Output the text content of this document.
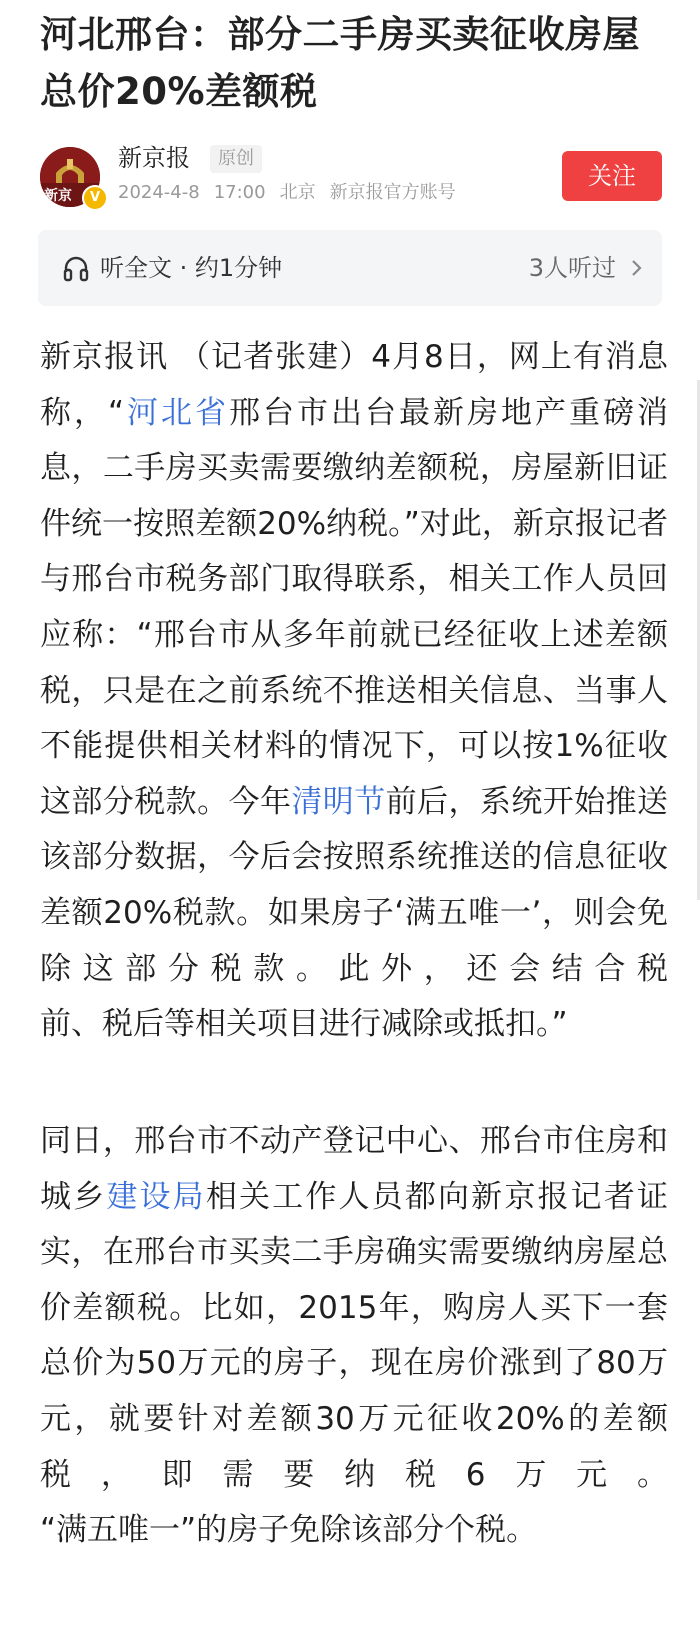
河北邢台：部分二手房买卖征收房屋总价20%差额税
新京	V
新京报	原创
2024-4-8 17:00 北京 新京报官方账号
关注
听全文 · 约1分钟	3人听过

新京报讯 （记者张建）4月8日，网上有消息称，“河北省邢台市出台最新房地产重磅消息，二手房买卖需要缴纳差额税，房屋新旧证件统一按照差额20%纳税。”对此，新京报记者与邢台市税务部门取得联系，相关工作人员回应称：“邢台市从多年前就已经征收上述差额税，只是在之前系统不推送相关信息、当事人不能提供相关材料的情况下，可以按1%征收这部分税款。今年清明节前后，系统开始推送该部分数据，今后会按照系统推送的信息征收差额20%税款。如果房子‘满五唯一’，则会免除这部分税款。此外，还会结合税
前、税后等相关项目进行减除或抵扣。”

同日，邢台市不动产登记中心、邢台市住房和城乡建设局相关工作人员都向新京报记者证实，在邢台市买卖二手房确实需要缴纳房屋总价差额税。比如，2015年，购房人买下一套总价为50万元的房子，现在房价涨到了80万元，就要针对差额30万元征收20%的差额税，即需要纳税6万元。
“满五唯一”的房子免除该部分个税。
